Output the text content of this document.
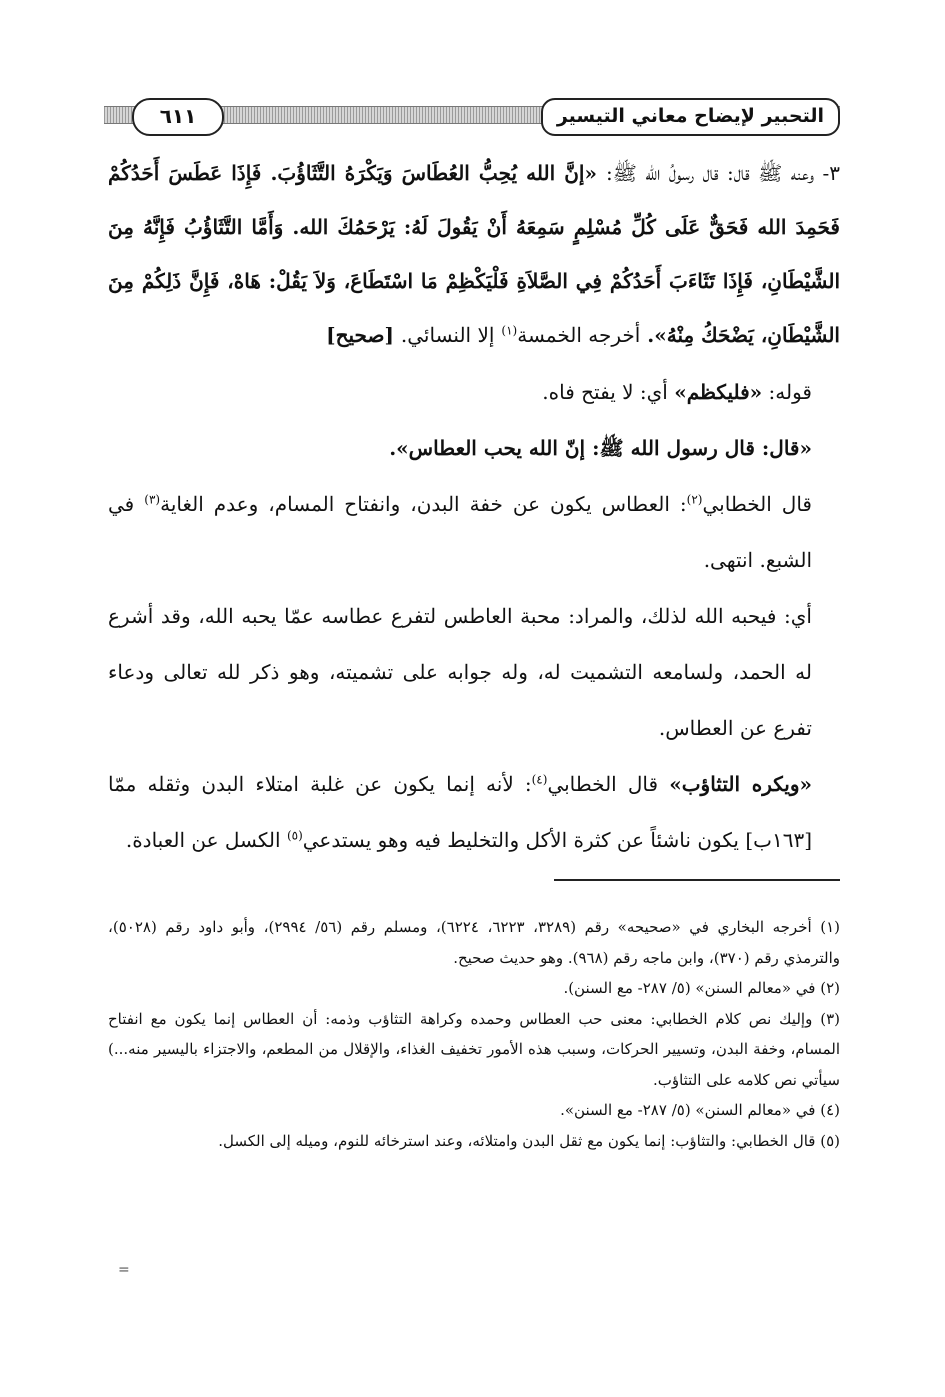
التحبير لإيضاح معاني التيسير
٦١١

٣- وعنه ﷺ قال: قال رسولُ الله ﷺ: «إنَّ الله يُحِبُّ العُطَاسَ وَيَكْرَهُ التَّثَاؤُبَ. فَإِذَا عَطَسَ أَحَدُكُمْ فَحَمِدَ الله فَحَقٌّ عَلَى كُلِّ مُسْلِمٍ سَمِعَهُ أَنْ يَقُولَ لَهُ: يَرْحَمُكَ الله. وَأَمَّا التَّثَاؤُبُ فَإِنَّهُ مِنَ الشَّيْطَانِ، فَإِذَا تَثَاءَبَ أَحَدُكُمْ فِي الصَّلاَةِ فَلْيَكْظِمْ مَا اسْتَطَاعَ، وَلاَ يَقُلْ: هَاهْ، فَإِنَّ ذَلِكُمْ مِنَ الشَّيْطَانِ، يَضْحَكُ مِنْهُ». أخرجه الخمسة$^{(١)}$ إلا النسائي. [صحيح]

قوله: «فليكظم» أي: لا يفتح فاه.

«قال: قال رسول الله ﷺ: إنّ الله يحب العطاس».

قال الخطابي$^{(٢)}$: العطاس يكون عن خفة البدن، وانفتاح المسام، وعدم الغاية$^{(٣)}$ في الشبع. انتهى.

أي: فيحبه الله لذلك، والمراد: محبة العاطس لتفرع عطاسه عمّا يحبه الله، وقد أشرع له الحمد، ولسامعه التشميت له، وله جوابه على تشميته، وهو ذكر لله تعالى ودعاء تفرع عن العطاس.

«ويكره التثاؤب» قال الخطابي$^{(٤)}$: لأنه إنما يكون عن غلبة امتلاء البدن وثقله ممّا [١٦٣ب] يكون ناشئاً عن كثرة الأكل والتخليط فيه وهو يستدعي$^{(٥)}$ الكسل عن العبادة.

(١) أخرجه البخاري في «صحيحه» رقم (٣٢٨٩، ٦٢٢٣، ٦٢٢٤)، ومسلم رقم (٥٦/ ٢٩٩٤)، وأبو داود رقم (٥٠٢٨)، والترمذي رقم (٣٧٠)، وابن ماجه رقم (٩٦٨). وهو حديث صحيح.

(٢) في «معالم السنن» (٥/ ٢٨٧- مع السنن).

(٣) وإليك نص كلام الخطابي: معنى حب العطاس وحمده وكراهة التثاؤب وذمه: أن العطاس إنما يكون مع انفتاح المسام، وخفة البدن، وتسيير الحركات، وسبب هذه الأمور تخفيف الغذاء، والإقلال من المطعم، والاجتزاء باليسير منه...) سيأتي نص كلامه على التثاؤب.

(٤) في «معالم السنن» (٥/ ٢٨٧- مع السنن».

(٥) قال الخطابي: والتثاؤب: إنما يكون مع ثقل البدن وامتلائه، وعند استرخائه للنوم، وميله إلى الكسل.

=
